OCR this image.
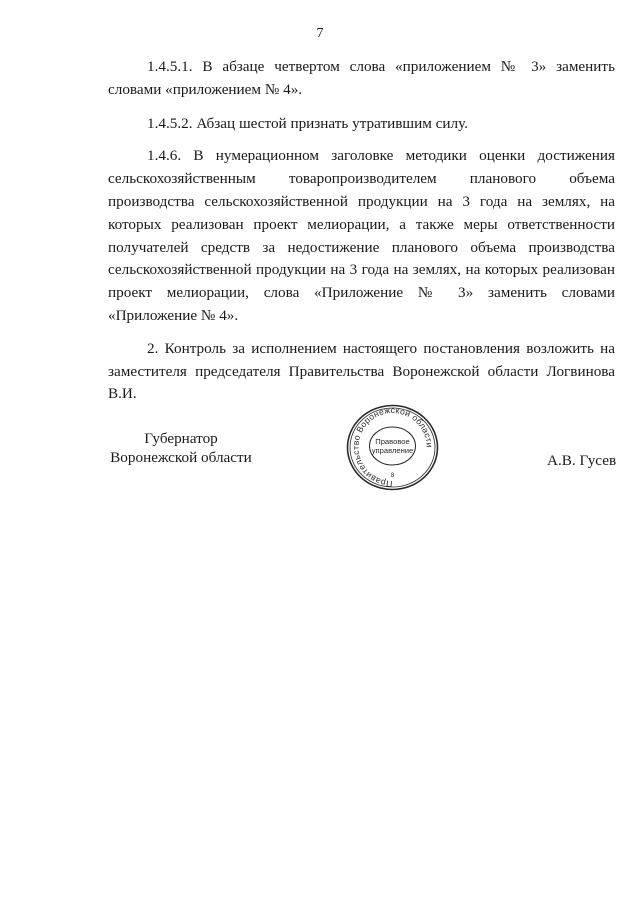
7

1.4.5.1. В абзаце четвертом слова «приложением № 3» заменить словами «приложением № 4».

1.4.5.2. Абзац шестой признать утратившим силу.

1.4.6. В нумерационном заголовке методики оценки достижения сельскохозяйственным товаропроизводителем планового объема производства сельскохозяйственной продукции на 3 года на землях, на которых реализован проект мелиорации, а также меры ответственности получателей средств за недостижение планового объема производства сельскохозяйственной продукции на 3 года на землях, на которых реализован проект мелиорации, слова «Приложение № 3» заменить словами «Приложение № 4».

2. Контроль за исполнением настоящего постановления возложить на заместителя председателя Правительства Воронежской области Логвинова В.И.

Губернатор
Воронежской области
Правительство Воронежской области
Правовое
управление
8
А.В. Гусев
